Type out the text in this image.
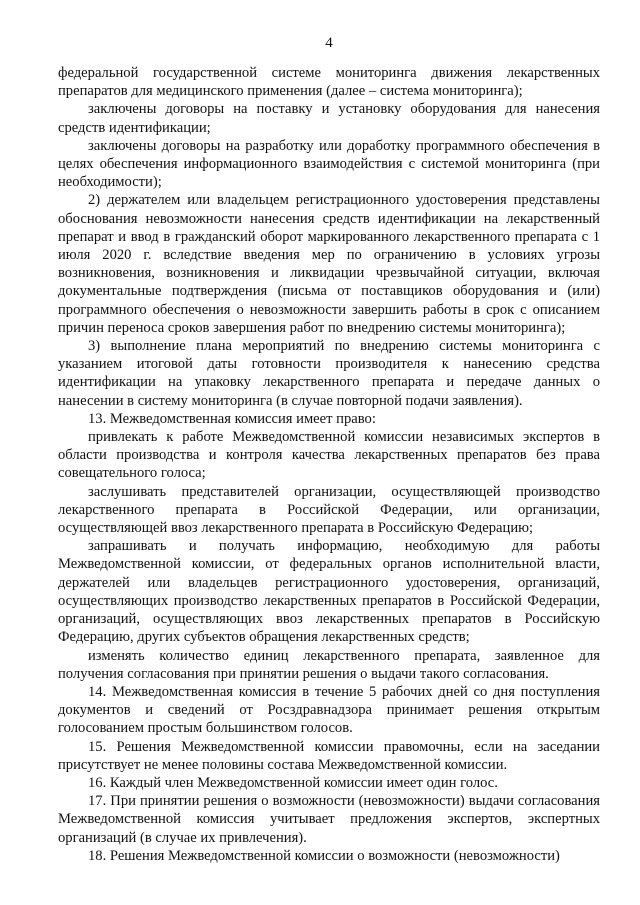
4

федеральной государственной системе мониторинга движения лекарственных препаратов для медицинского применения (далее – система мониторинга);

заключены договоры на поставку и установку оборудования для нанесения средств идентификации;

заключены договоры на разработку или доработку программного обеспечения в целях обеспечения информационного взаимодействия с системой мониторинга (при необходимости);

2) держателем или владельцем регистрационного удостоверения представлены обоснования невозможности нанесения средств идентификации на лекарственный препарат и ввод в гражданский оборот маркированного лекарственного препарата с 1 июля 2020 г. вследствие введения мер по ограничению в условиях угрозы возникновения, возникновения и ликвидации чрезвычайной ситуации, включая документальные подтверждения (письма от поставщиков оборудования и (или) программного обеспечения о невозможности завершить работы в срок с описанием причин переноса сроков завершения работ по внедрению системы мониторинга);

3) выполнение плана мероприятий по внедрению системы мониторинга с указанием итоговой даты готовности производителя к нанесению средства идентификации на упаковку лекарственного препарата и передаче данных о нанесении в систему мониторинга (в случае повторной подачи заявления).

13. Межведомственная комиссия имеет право:

привлекать к работе Межведомственной комиссии независимых экспертов в области производства и контроля качества лекарственных препаратов без права совещательного голоса;

заслушивать представителей организации, осуществляющей производство лекарственного препарата в Российской Федерации, или организации, осуществляющей ввоз лекарственного препарата в Российскую Федерацию;

запрашивать и получать информацию, необходимую для работы Межведомственной комиссии, от федеральных органов исполнительной власти, держателей или владельцев регистрационного удостоверения, организаций, осуществляющих производство лекарственных препаратов в Российской Федерации, организаций, осуществляющих ввоз лекарственных препаратов в Российскую Федерацию, других субъектов обращения лекарственных средств;

изменять количество единиц лекарственного препарата, заявленное для получения согласования при принятии решения о выдачи такого согласования.

14. Межведомственная комиссия в течение 5 рабочих дней со дня поступления документов и сведений от Росздравнадзора принимает решения открытым голосованием простым большинством голосов.

15. Решения Межведомственной комиссии правомочны, если на заседании присутствует не менее половины состава Межведомственной комиссии.

16. Каждый член Межведомственной комиссии имеет один голос.

17. При принятии решения о возможности (невозможности) выдачи согласования Межведомственной комиссия учитывает предложения экспертов, экспертных организаций (в случае их привлечения).

18. Решения Межведомственной комиссии о возможности (невозможности)
